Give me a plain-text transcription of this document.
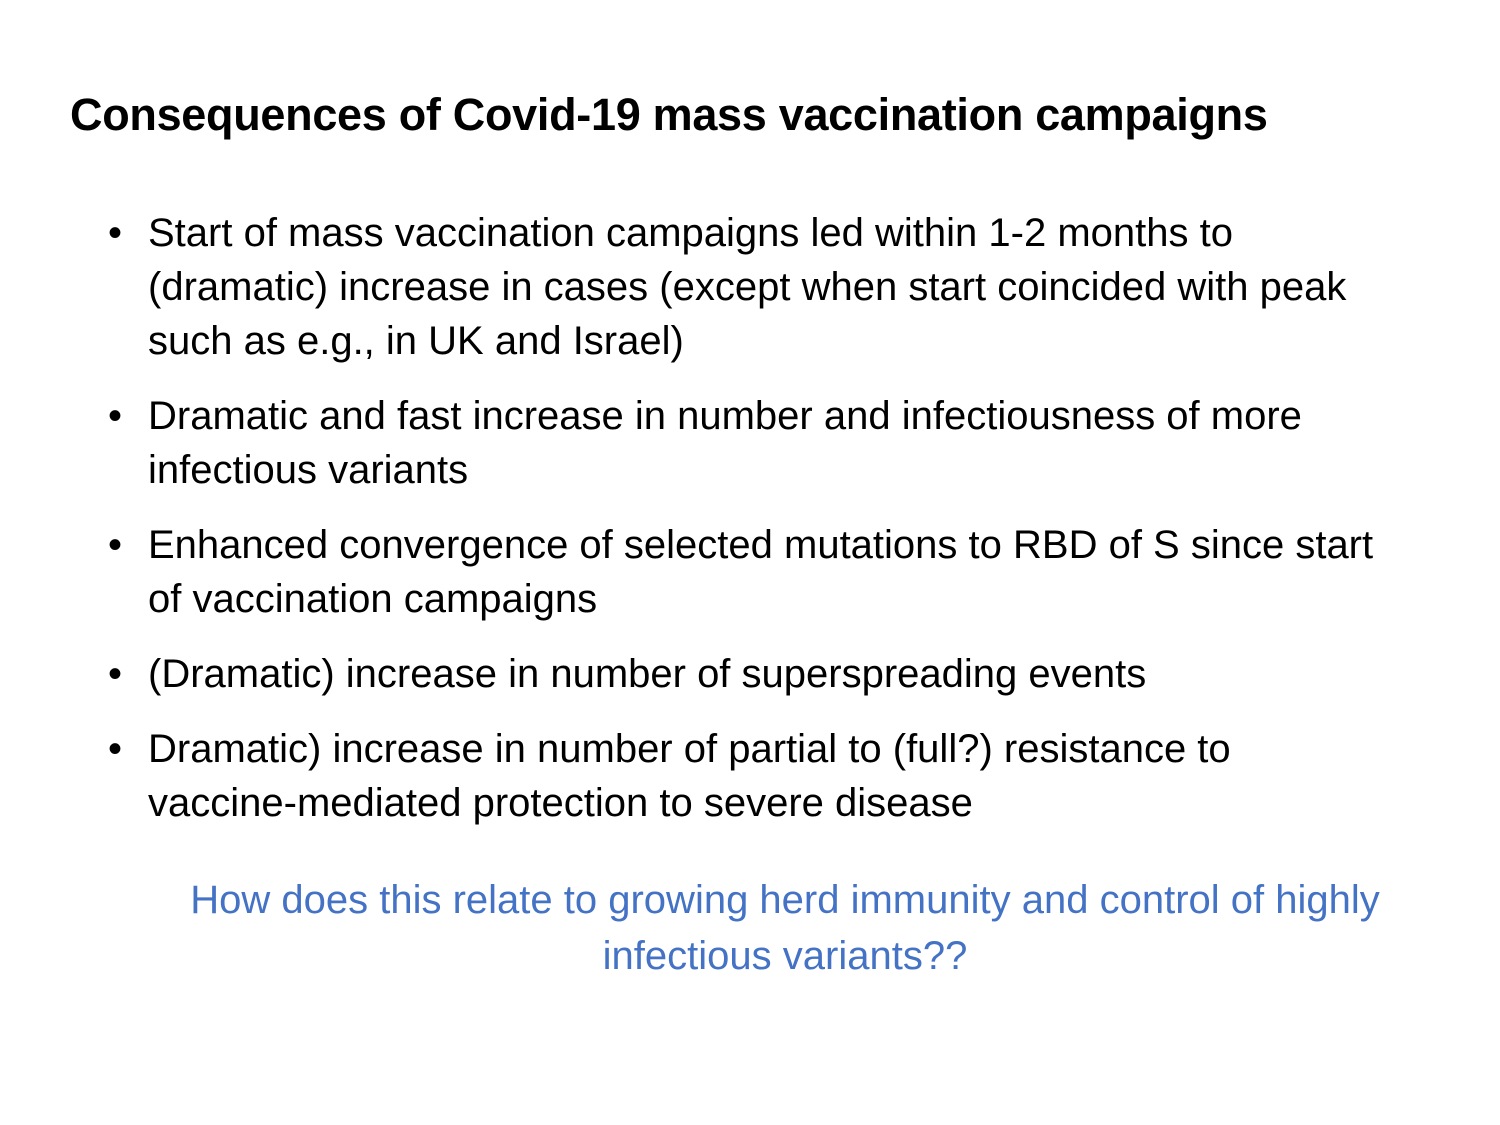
Consequences of Covid-19 mass vaccination campaigns
• Start of mass vaccination campaigns led within 1-2 months to (dramatic) increase in cases (except when start coincided with peak such as e.g., in UK and Israel)
• Dramatic and fast increase in number and infectiousness of more infectious variants
• Enhanced convergence of selected mutations to RBD of S since start of vaccination campaigns
• (Dramatic) increase in number of superspreading events
• Dramatic) increase in number of partial to (full?) resistance to vaccine-mediated protection to severe disease

How does this relate to growing herd immunity and control of highly infectious variants??
